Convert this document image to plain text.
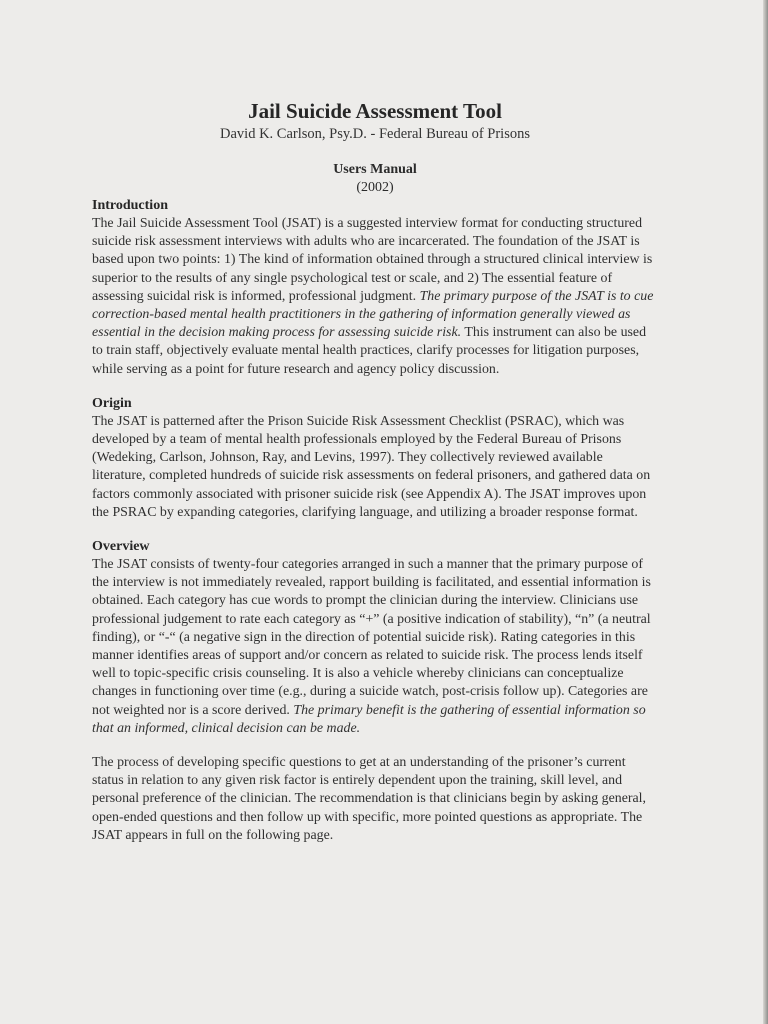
Jail Suicide Assessment Tool

David K. Carlson, Psy.D. - Federal Bureau of Prisons

Users Manual

(2002)

Introduction

The Jail Suicide Assessment Tool (JSAT) is a suggested interview format for conducting structured suicide risk assessment interviews with adults who are incarcerated. The foundation of the JSAT is based upon two points: 1) The kind of information obtained through a structured clinical interview is superior to the results of any single psychological test or scale, and 2) The essential feature of assessing suicidal risk is informed, professional judgment. The primary purpose of the JSAT is to cue correction-based mental health practitioners in the gathering of information generally viewed as essential in the decision making process for assessing suicide risk. This instrument can also be used to train staff, objectively evaluate mental health practices, clarify processes for litigation purposes, while serving as a point for future research and agency policy discussion.

Origin

The JSAT is patterned after the Prison Suicide Risk Assessment Checklist (PSRAC), which was developed by a team of mental health professionals employed by the Federal Bureau of Prisons (Wedeking, Carlson, Johnson, Ray, and Levins, 1997). They collectively reviewed available literature, completed hundreds of suicide risk assessments on federal prisoners, and gathered data on factors commonly associated with prisoner suicide risk (see Appendix A). The JSAT improves upon the PSRAC by expanding categories, clarifying language, and utilizing a broader response format.

Overview

The JSAT consists of twenty-four categories arranged in such a manner that the primary purpose of the interview is not immediately revealed, rapport building is facilitated, and essential information is obtained. Each category has cue words to prompt the clinician during the interview. Clinicians use professional judgement to rate each category as “+” (a positive indication of stability), “n” (a neutral finding), or “-“ (a negative sign in the direction of potential suicide risk). Rating categories in this manner identifies areas of support and/or concern as related to suicide risk. The process lends itself well to topic-specific crisis counseling. It is also a vehicle whereby clinicians can conceptualize changes in functioning over time (e.g., during a suicide watch, post-crisis follow up). Categories are not weighted nor is a score derived. The primary benefit is the gathering of essential information so that an informed, clinical decision can be made.

The process of developing specific questions to get at an understanding of the prisoner’s current status in relation to any given risk factor is entirely dependent upon the training, skill level, and personal preference of the clinician. The recommendation is that clinicians begin by asking general, open-ended questions and then follow up with specific, more pointed questions as appropriate. The JSAT appears in full on the following page.
